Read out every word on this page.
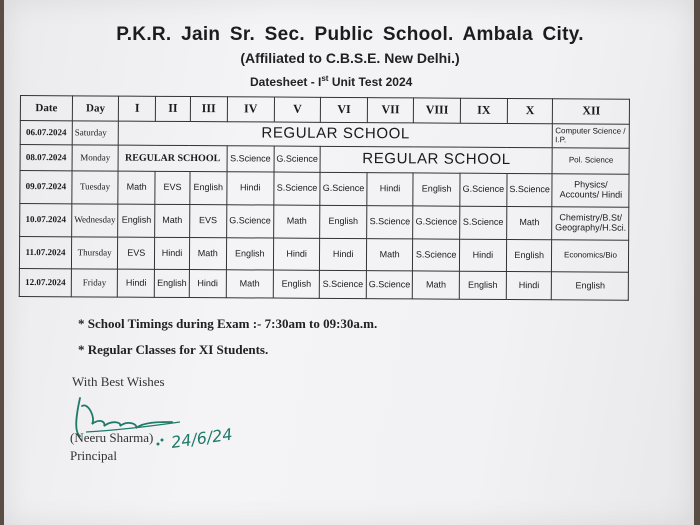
P.K.R. Jain Sr. Sec. Public School. Ambala City.
(Affiliated to C.B.S.E. New Delhi.)
Datesheet - Ist Unit Test 2024
Date	Day	I	II	III	IV	V	VI	VII	VIII	IX	X	XII
06.07.2024	Saturday	REGULAR SCHOOL										Computer Science / I.P.
08.07.2024	Monday	REGULAR SCHOOL			S.Science	G.Science	REGULAR SCHOOL					Pol. Science
09.07.2024	Tuesday	Math	EVS	English	Hindi	S.Science	G.Science	Hindi	English	G.Science	S.Science	Physics/ Accounts/ Hindi
10.07.2024	Wednesday	English	Math	EVS	G.Science	Math	English	S.Science	G.Science	S.Science	Math	Chemistry/B.St/ Geography/H.Sci.
11.07.2024	Thursday	EVS	Hindi	Math	English	Hindi	Hindi	Math	S.Science	Hindi	English	Economics/Bio
12.07.2024	Friday	Hindi	English	Hindi	Math	English	S.Science	G.Science	Math	English	Hindi	English
* School Timings during Exam :- 7:30am to 09:30a.m.
* Regular Classes for XI Students.
With Best Wishes
24/6/24
(Neeru Sharma)
Principal
